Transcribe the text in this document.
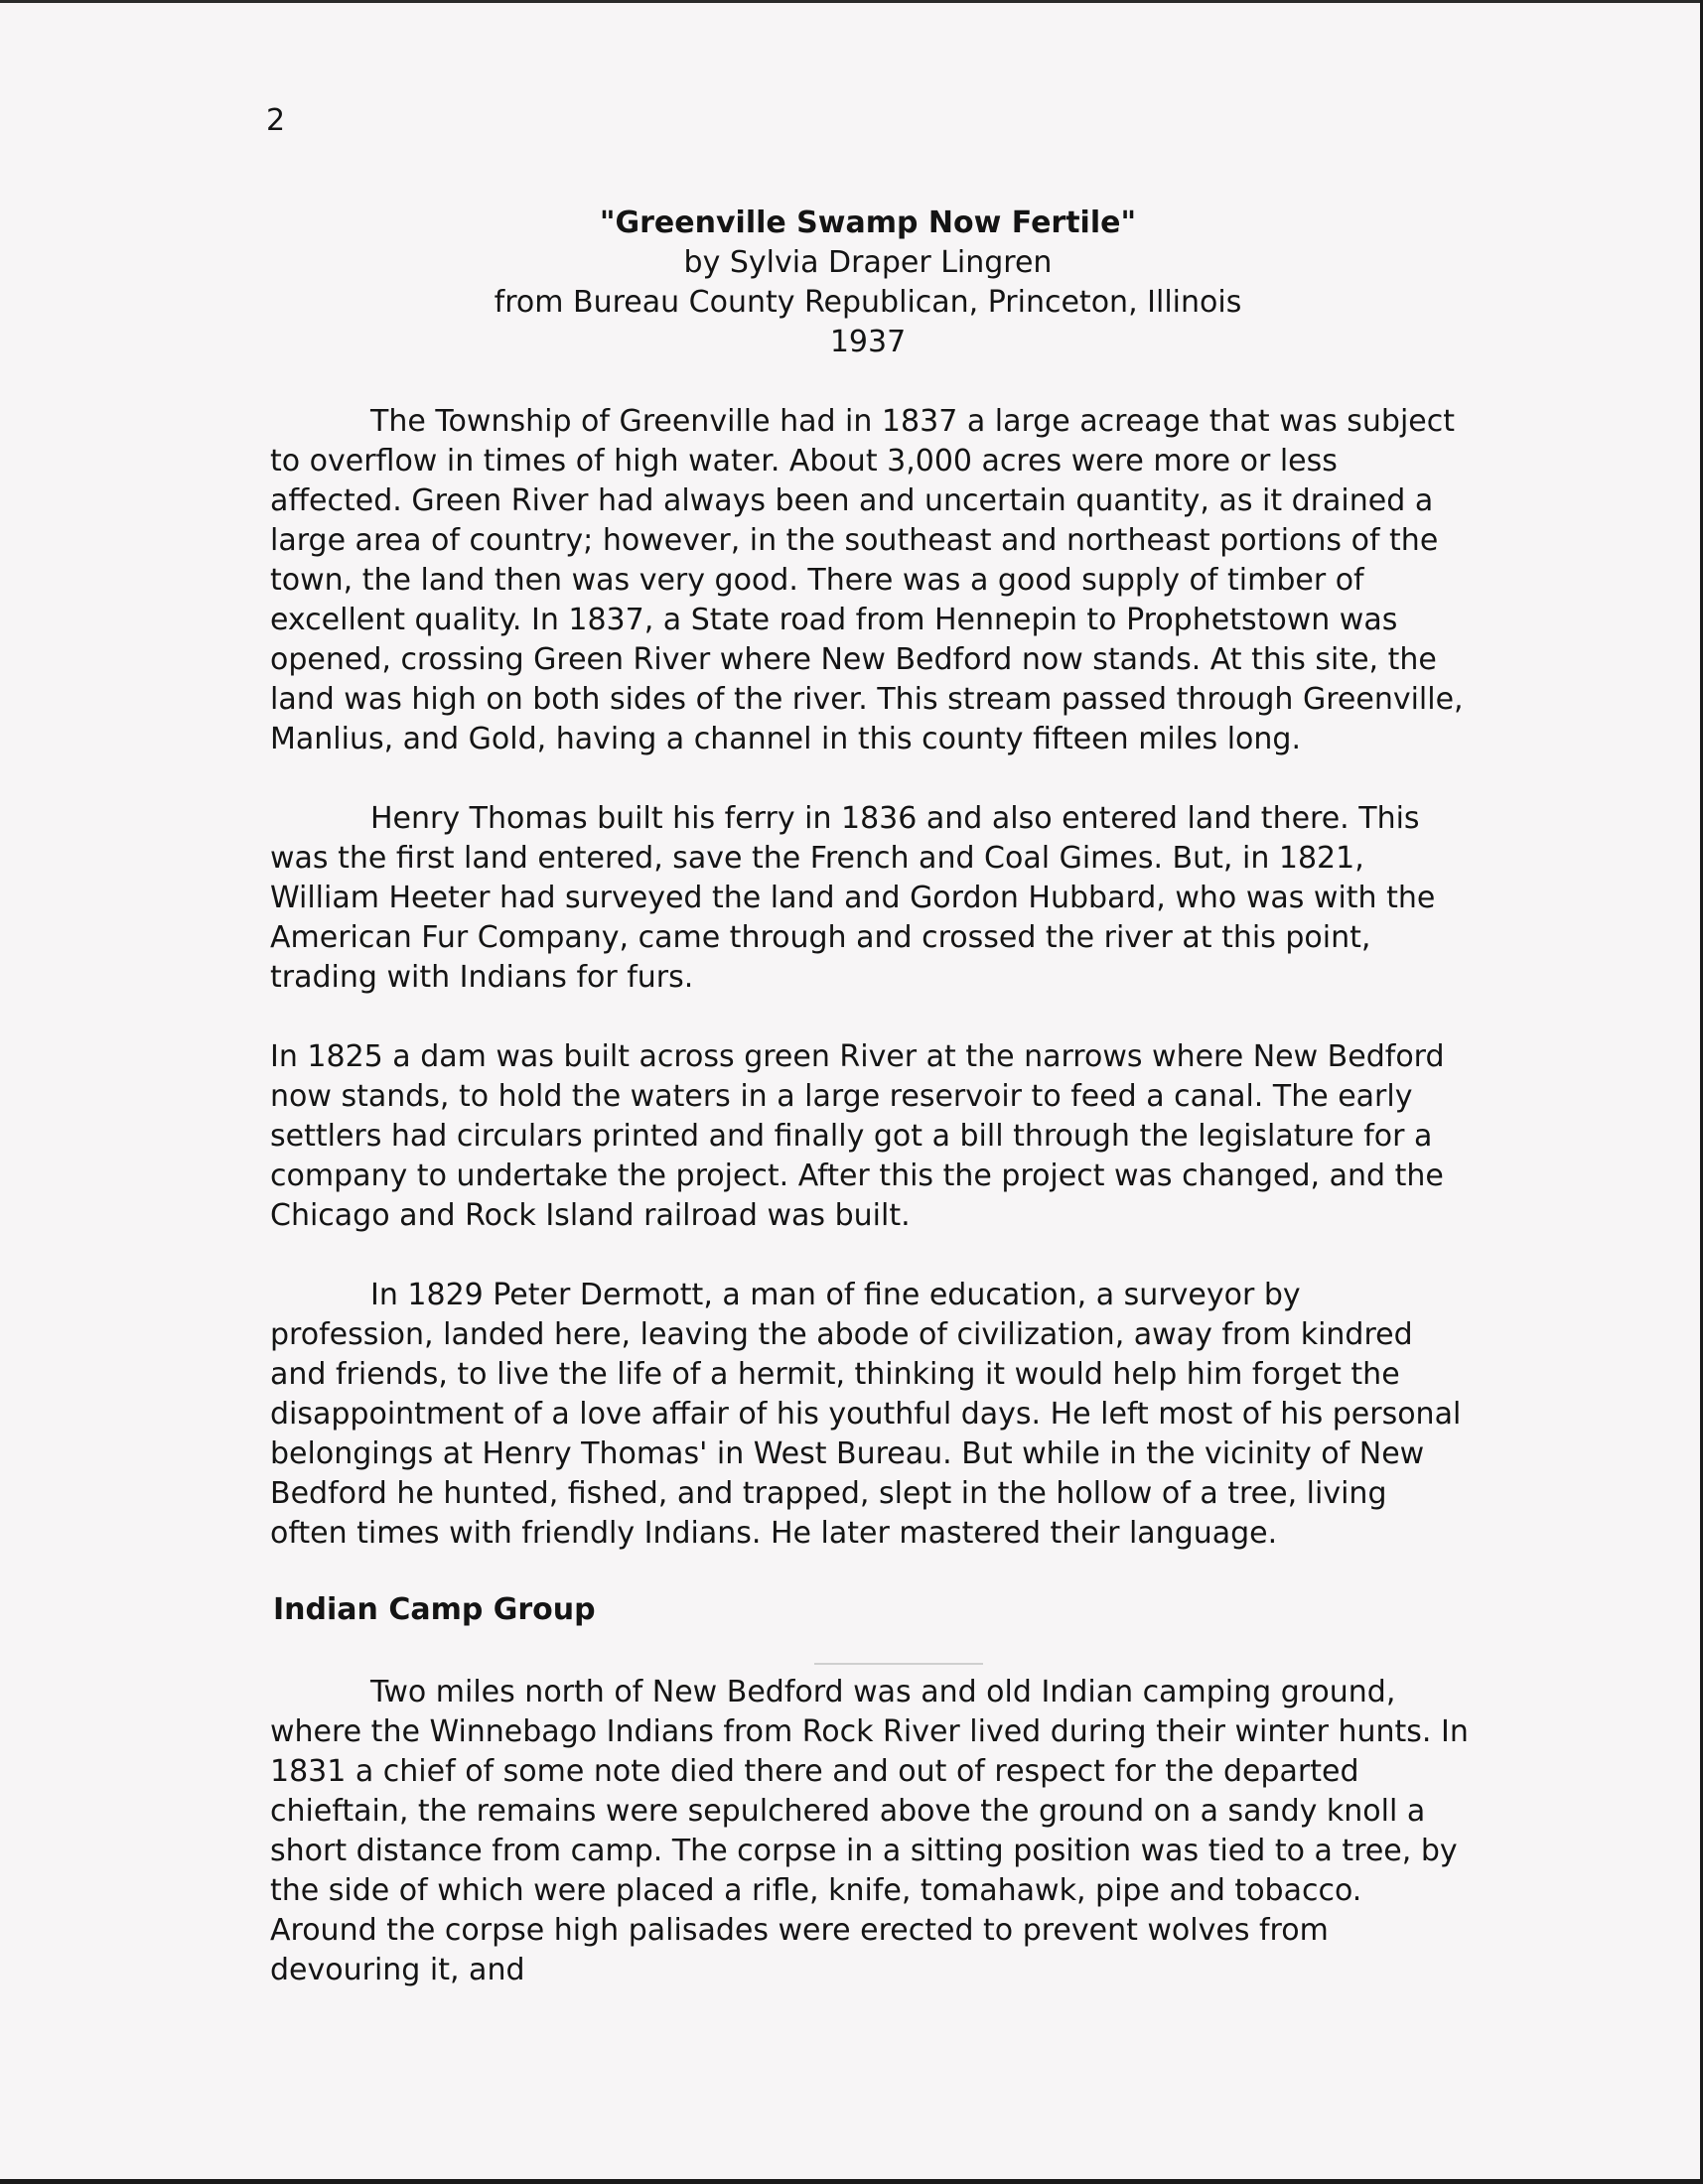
2
"Greenville Swamp Now Fertile"
by Sylvia Draper Lingren
from Bureau County Republican, Princeton, Illinois
1937

The Township of Greenville had in 1837 a large acreage that was subject to overflow in times of high water. About 3,000 acres were more or less affected. Green River had always been and uncertain quantity, as it drained a large area of country; however, in the southeast and northeast portions of the town, the land then was very good. There was a good supply of timber of excellent quality. In 1837, a State road from Hennepin to Prophetstown was opened, crossing Green River where New Bedford now stands. At this site, the land was high on both sides of the river. This stream passed through Greenville, Manlius, and Gold, having a channel in this county fifteen miles long.

Henry Thomas built his ferry in 1836 and also entered land there. This was the first land entered, save the French and Coal Gimes. But, in 1821, William Heeter had surveyed the land and Gordon Hubbard, who was with the American Fur Company, came through and crossed the river at this point, trading with Indians for furs.

In 1825 a dam was built across green River at the narrows where New Bedford now stands, to hold the waters in a large reservoir to feed a canal. The early settlers had circulars printed and finally got a bill through the legislature for a company to undertake the project. After this the project was changed, and the Chicago and Rock Island railroad was built.

In 1829 Peter Dermott, a man of fine education, a surveyor by profession, landed here, leaving the abode of civilization, away from kindred and friends, to live the life of a hermit, thinking it would help him forget the disappointment of a love affair of his youthful days. He left most of his personal belongings at Henry Thomas' in West Bureau. But while in the vicinity of New Bedford he hunted, fished, and trapped, slept in the hollow of a tree, living often times with friendly Indians. He later mastered their language.

Indian Camp Group

Two miles north of New Bedford was and old Indian camping ground, where the Winnebago Indians from Rock River lived during their winter hunts. In 1831 a chief of some note died there and out of respect for the departed chieftain, the remains were sepulchered above the ground on a sandy knoll a short distance from camp. The corpse in a sitting position was tied to a tree, by the side of which were placed a rifle, knife, tomahawk, pipe and tobacco. Around the corpse high palisades were erected to prevent wolves from devouring it, and
